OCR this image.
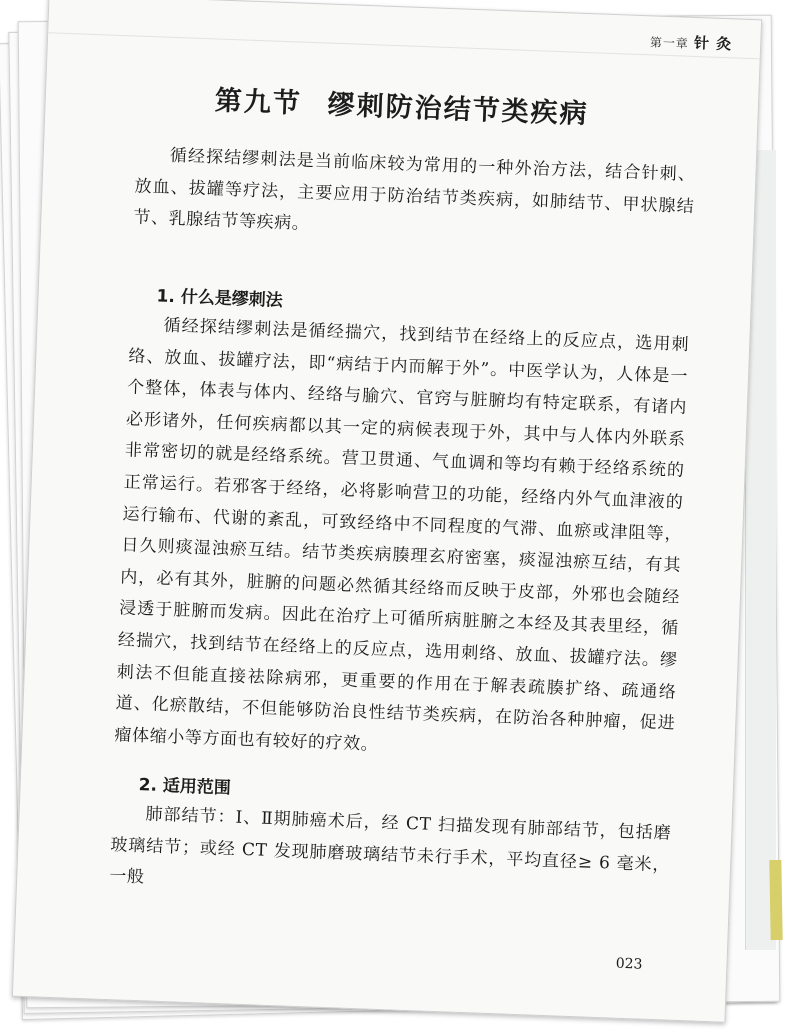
第一章 针 灸
第九节 缪刺防治结节类疾病

循经探结缪刺法是当前临床较为常用的一种外治方法，结合针刺、放血、拔罐等疗法，主要应用于防治结节类疾病，如肺结节、甲状腺结节、乳腺结节等疾病。

1. 什么是缪刺法

循经探结缪刺法是循经揣穴，找到结节在经络上的反应点，选用刺络、放血、拔罐疗法，即“病结于内而解于外”。中医学认为，人体是一个整体，体表与体内、经络与腧穴、官窍与脏腑均有特定联系，有诸内必形诸外，任何疾病都以其一定的病候表现于外，其中与人体内外联系非常密切的就是经络系统。营卫贯通、气血调和等均有赖于经络系统的正常运行。若邪客于经络，必将影响营卫的功能，经络内外气血津液的运行输布、代谢的紊乱，可致经络中不同程度的气滞、血瘀或津阻等，日久则痰湿浊瘀互结。结节类疾病腠理玄府密塞，痰湿浊瘀互结，有其内，必有其外，脏腑的问题必然循其经络而反映于皮部，外邪也会随经浸透于脏腑而发病。因此在治疗上可循所病脏腑之本经及其表里经，循经揣穴，找到结节在经络上的反应点，选用刺络、放血、拔罐疗法。缪刺法不但能直接祛除病邪，更重要的作用在于解表疏腠扩络、疏通络道、化瘀散结，不但能够防治良性结节类疾病，在防治各种肿瘤，促进瘤体缩小等方面也有较好的疗效。

2. 适用范围

肺部结节：Ⅰ、Ⅱ期肺癌术后，经 CT 扫描发现有肺部结节，包括磨玻璃结节；或经 CT 发现肺磨玻璃结节未行手术，平均直径≥ 6 毫米，一般

023
